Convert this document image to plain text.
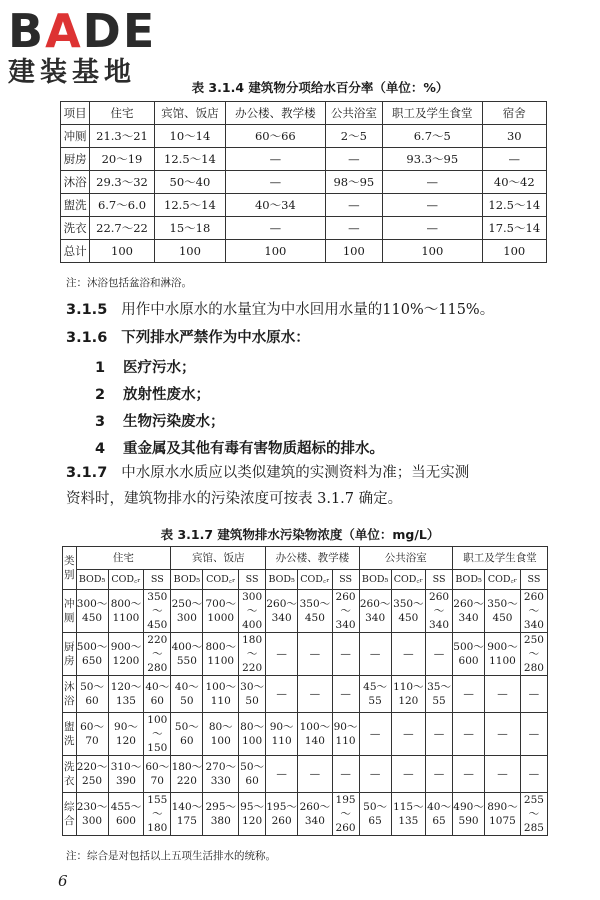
BADE
建装基地	表 3.1.4 建筑物分项给水百分率（单位：%）
项目	住宅	宾馆、饭店	办公楼、教学楼	公共浴室	职工及学生食堂	宿舍
冲厕	21.3～21	10～14	60～66	2～5	6.7～5	30
厨房	20～19	12.5～14	—	—	93.3～95	—
沐浴	29.3～32	50～40	—	98～95	—	40～42
盥洗	6.7～6.0	12.5～14	40～34	—	—	12.5～14
洗衣	22.7～22	15～18	—	—	—	17.5～14
总计	100	100	100	100	100	100
注：沐浴包括盆浴和淋浴。
3.1.5 用作中水原水的水量宜为中水回用水量的110%～115%。
3.1.6 下列排水严禁作为中水原水：
1 医疗污水；
2 放射性废水；
3 生物污染废水；
4 重金属及其他有毒有害物质超标的排水。
3.1.7 中水原水水质应以类似建筑的实测资料为准；当无实测
资料时，建筑物排水的污染浓度可按表 3.1.7 确定。
表 3.1.7 建筑物排水污染物浓度（单位：mg/L）
类别	住宅			宾馆、饭店			办公楼、教学楼			公共浴室			职工及学生食堂		
	BOD₅	COD꜀ᵣ	SS	BOD₅	COD꜀ᵣ	SS	BOD₅	COD꜀ᵣ	SS	BOD₅	COD꜀ᵣ	SS	BOD₅	COD꜀ᵣ	SS
冲厕	300～450	800～1100	350～450	250～300	700～1000	300～400	260～340	350～450	260～340	260～340	350～450	260～340	260～340	350～450	260～340
厨房	500～650	900～1200	220～280	400～550	800～1100	180～220	—	—	—	—	—	—	500～600	900～1100	250～280
沐浴	50～60	120～135	40～60	40～50	100～110	30～50	—	—	—	45～55	110～120	35～55	—	—	—
盥洗	60～70	90～120	100～150	50～60	80～100	80～100	90～110	100～140	90～110	—	—	—	—	—	—
洗衣	220～250	310～390	60～70	180～220	270～330	50～60	—	—	—	—	—	—	—	—	—
综合	230～300	455～600	155～180	140～175	295～380	95～120	195～260	260～340	195～260	50～65	115～135	40～65	490～590	890～1075	255～285
注：综合是对包括以上五项生活排水的统称。
6
